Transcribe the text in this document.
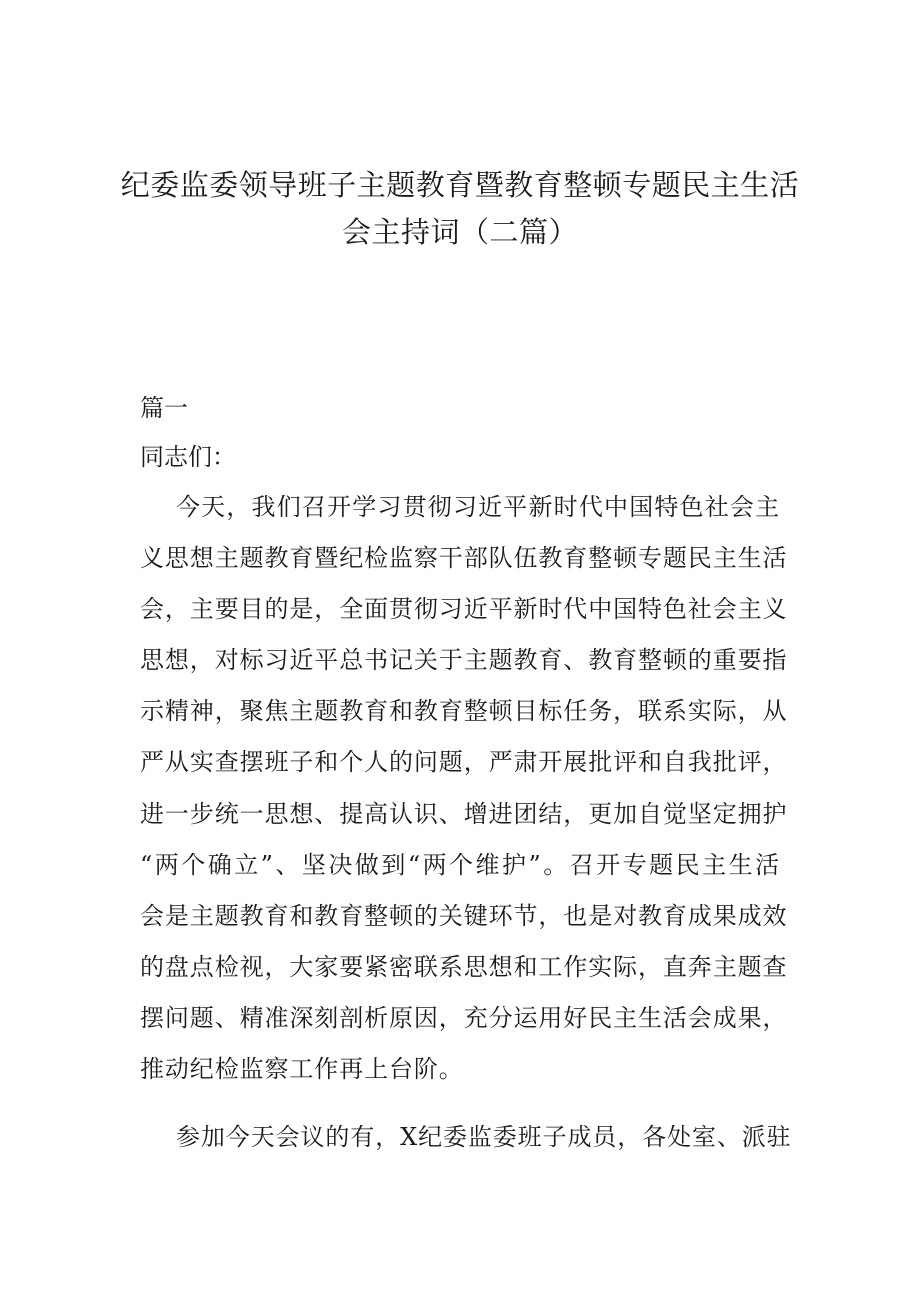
纪委监委领导班子主题教育暨教育整顿专题民主生活
会主持词（二篇）

篇一

同志们：

今天，我们召开学习贯彻习近平新时代中国特色社会主
义思想主题教育暨纪检监察干部队伍教育整顿专题民主生活
会，主要目的是，全面贯彻习近平新时代中国特色社会主义
思想，对标习近平总书记关于主题教育、教育整顿的重要指
示精神，聚焦主题教育和教育整顿目标任务，联系实际，从
严从实查摆班子和个人的问题，严肃开展批评和自我批评，
进一步统一思想、提高认识、增进团结，更加自觉坚定拥护
“两个确立”、坚决做到“两个维护”。召开专题民主生活
会是主题教育和教育整顿的关键环节，也是对教育成果成效
的盘点检视，大家要紧密联系思想和工作实际，直奔主题查
摆问题、精准深刻剖析原因，充分运用好民主生活会成果，
推动纪检监察工作再上台阶。
参加今天会议的有，X纪委监委班子成员，各处室、派驻
